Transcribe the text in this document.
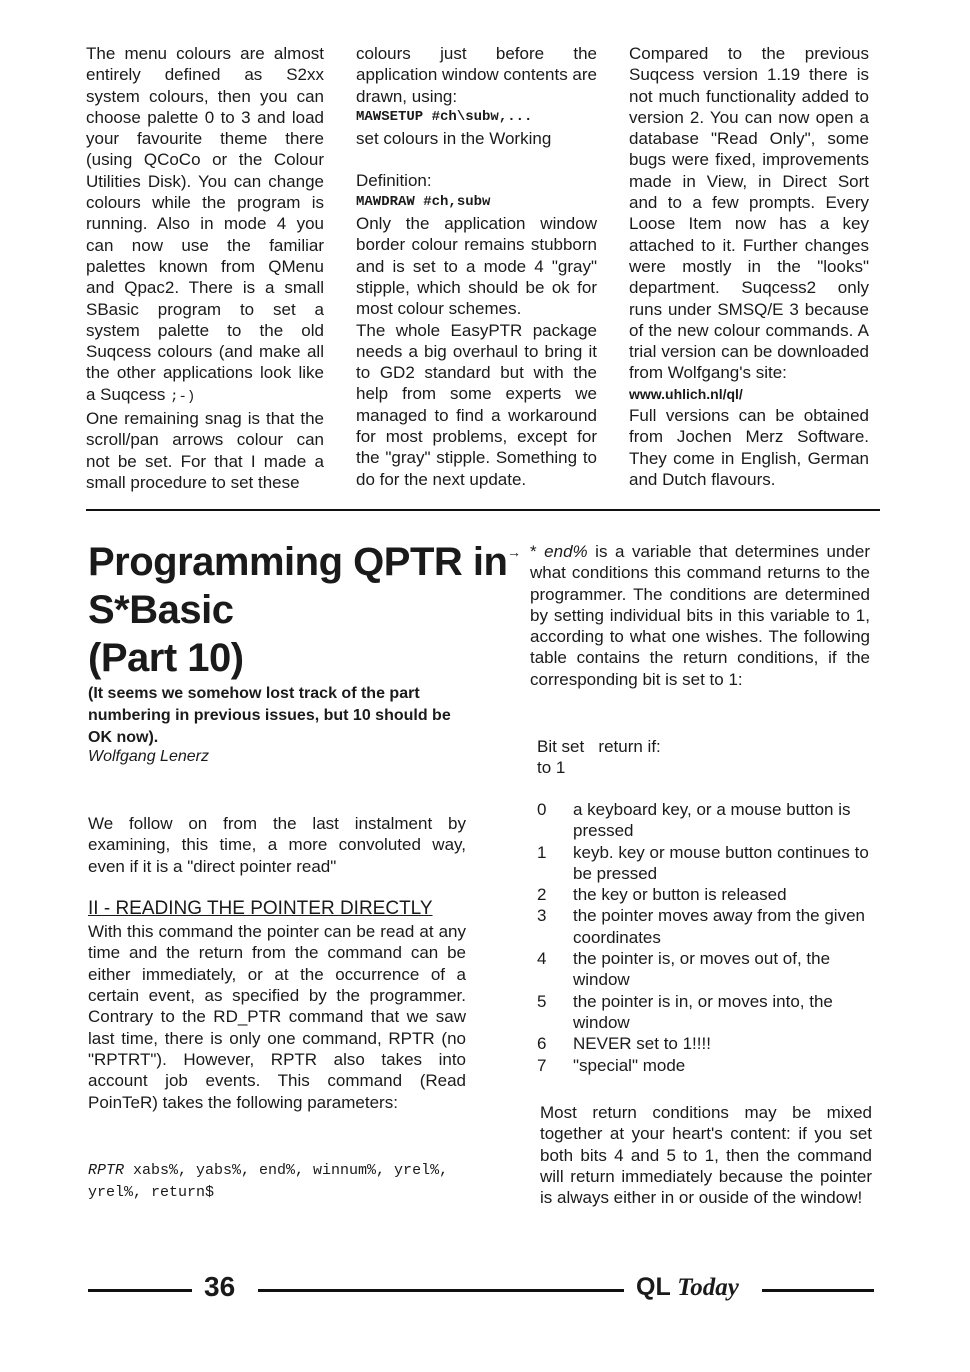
The menu colours are almost entirely defined as S2xx system colours, then you can choose palette 0 to 3 and load your favourite theme there (using QCoCo or the Colour Utilities Disk). You can change colours while the program is running. Also in mode 4 you can now use the familiar palettes known from QMenu and Qpac2. There is a small SBasic program to set a system palette to the old Suqcess colours (and make all the other applications look like a Suqcess ;-)

One remaining snag is that the scroll/pan arrows colour can not be set. For that I made a small procedure to set these

colours just before the application window contents are drawn, using:

MAWSETUP #ch\subw,...

set colours in the Working

Definition:

MAWDRAW #ch,subw

Only the application window border colour remains stubborn and is set to a mode 4 "gray" stipple, which should be ok for most colour schemes.

The whole EasyPTR package needs a big overhaul to bring it to GD2 standard but with the help from some experts we managed to find a workaround for most problems, except for the "gray" stipple. Something to do for the next update.

Compared to the previous Suqcess version 1.19 there is not much functionality added to version 2. You can now open a database "Read Only", some bugs were fixed, improvements made in View, in Direct Sort and to a few prompts. Every Loose Item now has a key attached to it. Further changes were mostly in the "looks" department. Suqcess2 only runs under SMSQ/E 3 because of the new colour commands. A trial version can be downloaded from Wolfgang's site:

www.uhlich.nl/ql/

Full versions can be obtained from Jochen Merz Software. They come in English, German and Dutch flavours.

Programming QPTR in
S*Basic
(Part 10)
(It seems we somehow lost track of the part numbering in previous issues, but 10 should be OK now).
Wolfgang Lenerz

We follow on from the last instalment by examining, this time, a more convoluted way, even if it is a "direct pointer read"

II - READING THE POINTER DIRECTLY

With this command the pointer can be read at any time and the return from the command can be either immediately, or at the occurrence of a certain event, as specified by the programmer. Contrary to the RD_PTR command that we saw last time, there is only one command, RPTR (no "RPTRT"). However, RPTR also takes into account job events. This command (Read PoinTeR) takes the following parameters:

RPTR xabs%, yabs%, end%, winnum%, yrel%, yrel%, return$
→ * end% is a variable that determines under what conditions this command returns to the programmer. The conditions are determined by setting individual bits in this variable to 1, according to what one wishes. The following table contains the return conditions, if the corresponding bit is set to 1:

Bit set return if:

to 1

0	a keyboard key, or a mouse button is pressed
1	keyb. key or mouse button continues to be pressed
2	the key or button is released
3	the pointer moves away from the given coordinates
4	the pointer is, or moves out of, the window
5	the pointer is in, or moves into, the window
6	NEVER set to 1!!!!
7	"special" mode

Most return conditions may be mixed together at your heart's content: if you set both bits 4 and 5 to 1, then the command will return immediately because the pointer is always either in or ouside of the window!

36	QL Today
